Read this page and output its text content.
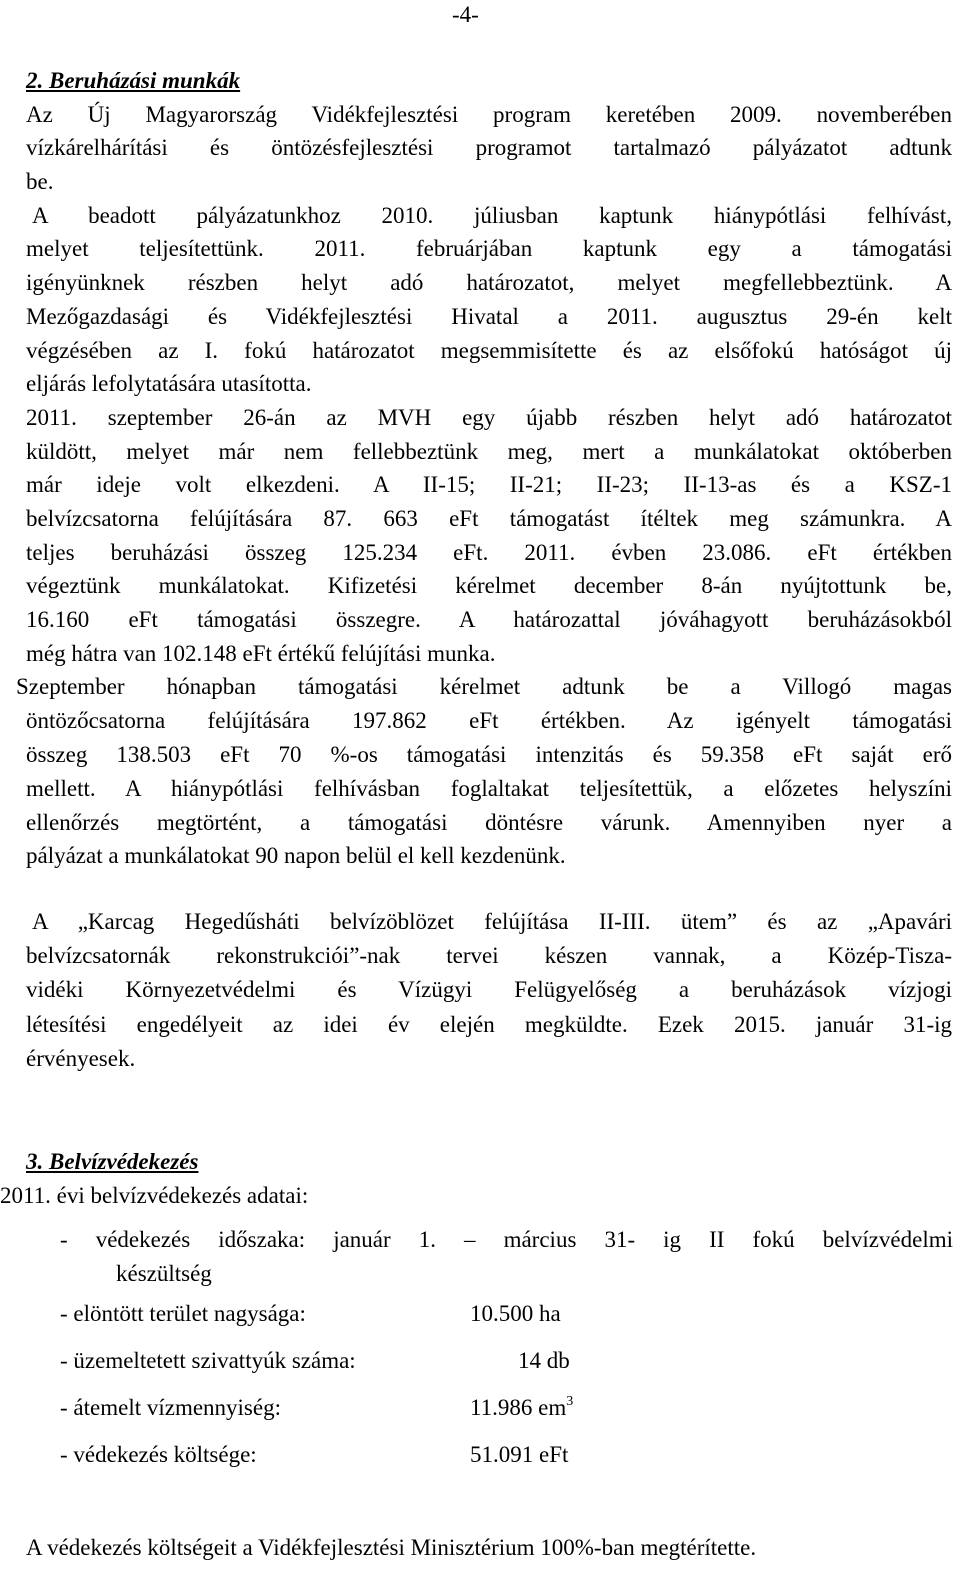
-4-
2. Beruházási munkák
Az Új Magyarország Vidékfejlesztési program keretében 2009. novemberében
vízkárelhárítási és öntözésfejlesztési programot tartalmazó pályázatot adtunk
be.
A beadott pályázatunkhoz 2010. júliusban kaptunk hiánypótlási felhívást,
melyet teljesítettünk. 2011. februárjában kaptunk egy a támogatási
igényünknek részben helyt adó határozatot, melyet megfellebbeztünk. A
Mezőgazdasági és Vidékfejlesztési Hivatal a 2011. augusztus 29-én kelt
végzésében az I. fokú határozatot megsemmisítette és az elsőfokú hatóságot új
eljárás lefolytatására utasította.
2011. szeptember 26-án az MVH egy újabb részben helyt adó határozatot
küldött, melyet már nem fellebbeztünk meg, mert a munkálatokat októberben
már ideje volt elkezdeni. A II-15; II-21; II-23; II-13-as és a KSZ-1
belvízcsatorna felújítására 87. 663 eFt támogatást ítéltek meg számunkra. A
teljes beruházási összeg 125.234 eFt. 2011. évben 23.086. eFt értékben
végeztünk munkálatokat. Kifizetési kérelmet december 8-án nyújtottunk be,
16.160 eFt támogatási összegre. A határozattal jóváhagyott beruházásokból
még hátra van 102.148 eFt értékű felújítási munka.
Szeptember hónapban támogatási kérelmet adtunk be a Villogó magas
öntözőcsatorna felújítására 197.862 eFt értékben. Az igényelt támogatási
összeg 138.503 eFt 70 %-os támogatási intenzitás és 59.358 eFt saját erő
mellett. A hiánypótlási felhívásban foglaltakat teljesítettük, a előzetes helyszíni
ellenőrzés megtörtént, a támogatási döntésre várunk. Amennyiben nyer a
pályázat a munkálatokat 90 napon belül el kell kezdenünk.
A „Karcag Hegedűsháti belvízöblözet felújítása II-III. ütem” és az „Apavári
belvízcsatornák rekonstrukciói”-nak tervei készen vannak, a Közép-Tisza-
vidéki Környezetvédelmi és Vízügyi Felügyelőség a beruházások vízjogi
létesítési engedélyeit az idei év elején megküldte. Ezek 2015. január 31-ig
érvényesek.
3. Belvízvédekezés
2011. évi belvízvédekezés adatai:
- védekezés időszaka: január 1. – március 31- ig II fokú belvízvédelmi
készültség
- elöntött terület nagysága:	10.500 ha
- üzemeltetett szivattyúk száma:	14 db
- átemelt vízmennyiség:	11.986 $em^3$
- védekezés költsége:	51.091 eFt
A védekezés költségeit a Vidékfejlesztési Minisztérium 100%-ban megtérítette.
